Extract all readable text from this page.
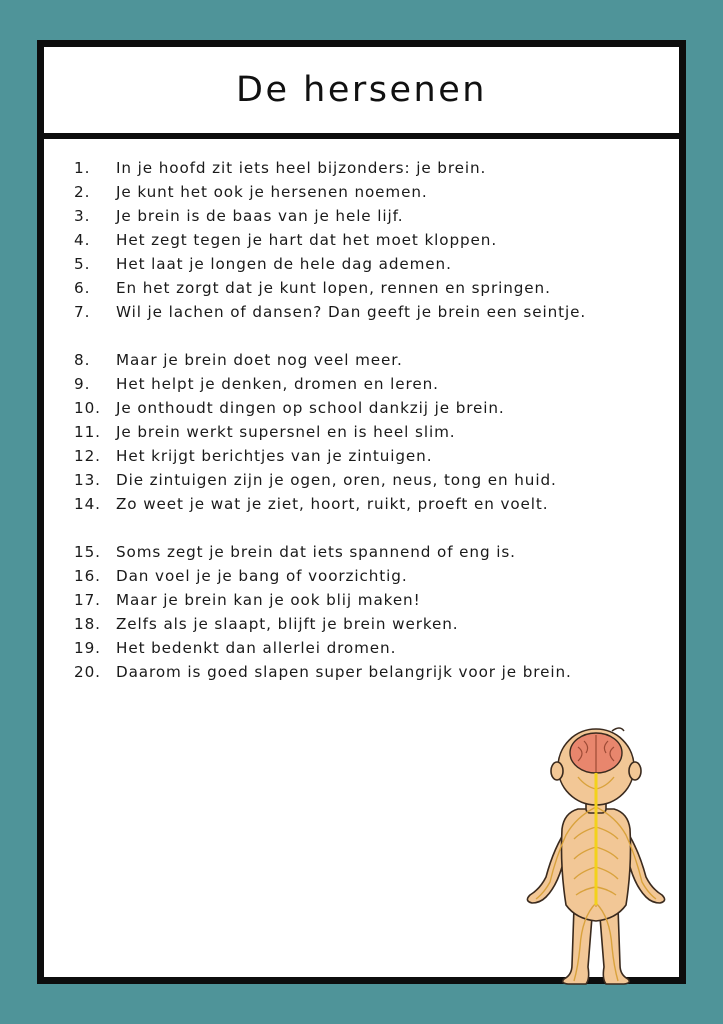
De hersenen
1.	In je hoofd zit iets heel bijzonders: je brein.
2.	Je kunt het ook je hersenen noemen.
3.	Je brein is de baas van je hele lijf.
4.	Het zegt tegen je hart dat het moet kloppen.
5.	Het laat je longen de hele dag ademen.
6.	En het zorgt dat je kunt lopen, rennen en springen.
7.	Wil je lachen of dansen? Dan geeft je brein een seintje.
8.	Maar je brein doet nog veel meer.
9.	Het helpt je denken, dromen en leren.
10. Je onthoudt dingen op school dankzij je brein.
11. Je brein werkt supersnel en is heel slim.
12. Het krijgt berichtjes van je zintuigen.
13. Die zintuigen zijn je ogen, oren, neus, tong en huid.
14. Zo weet je wat je ziet, hoort, ruikt, proeft en voelt.
15. Soms zegt je brein dat iets spannend of eng is.
16. Dan voel je je bang of voorzichtig.
17. Maar je brein kan je ook blij maken!
18. Zelfs als je slaapt, blijft je brein werken.
19. Het bedenkt dan allerlei dromen.
20. Daarom is goed slapen super belangrijk voor je brein.
